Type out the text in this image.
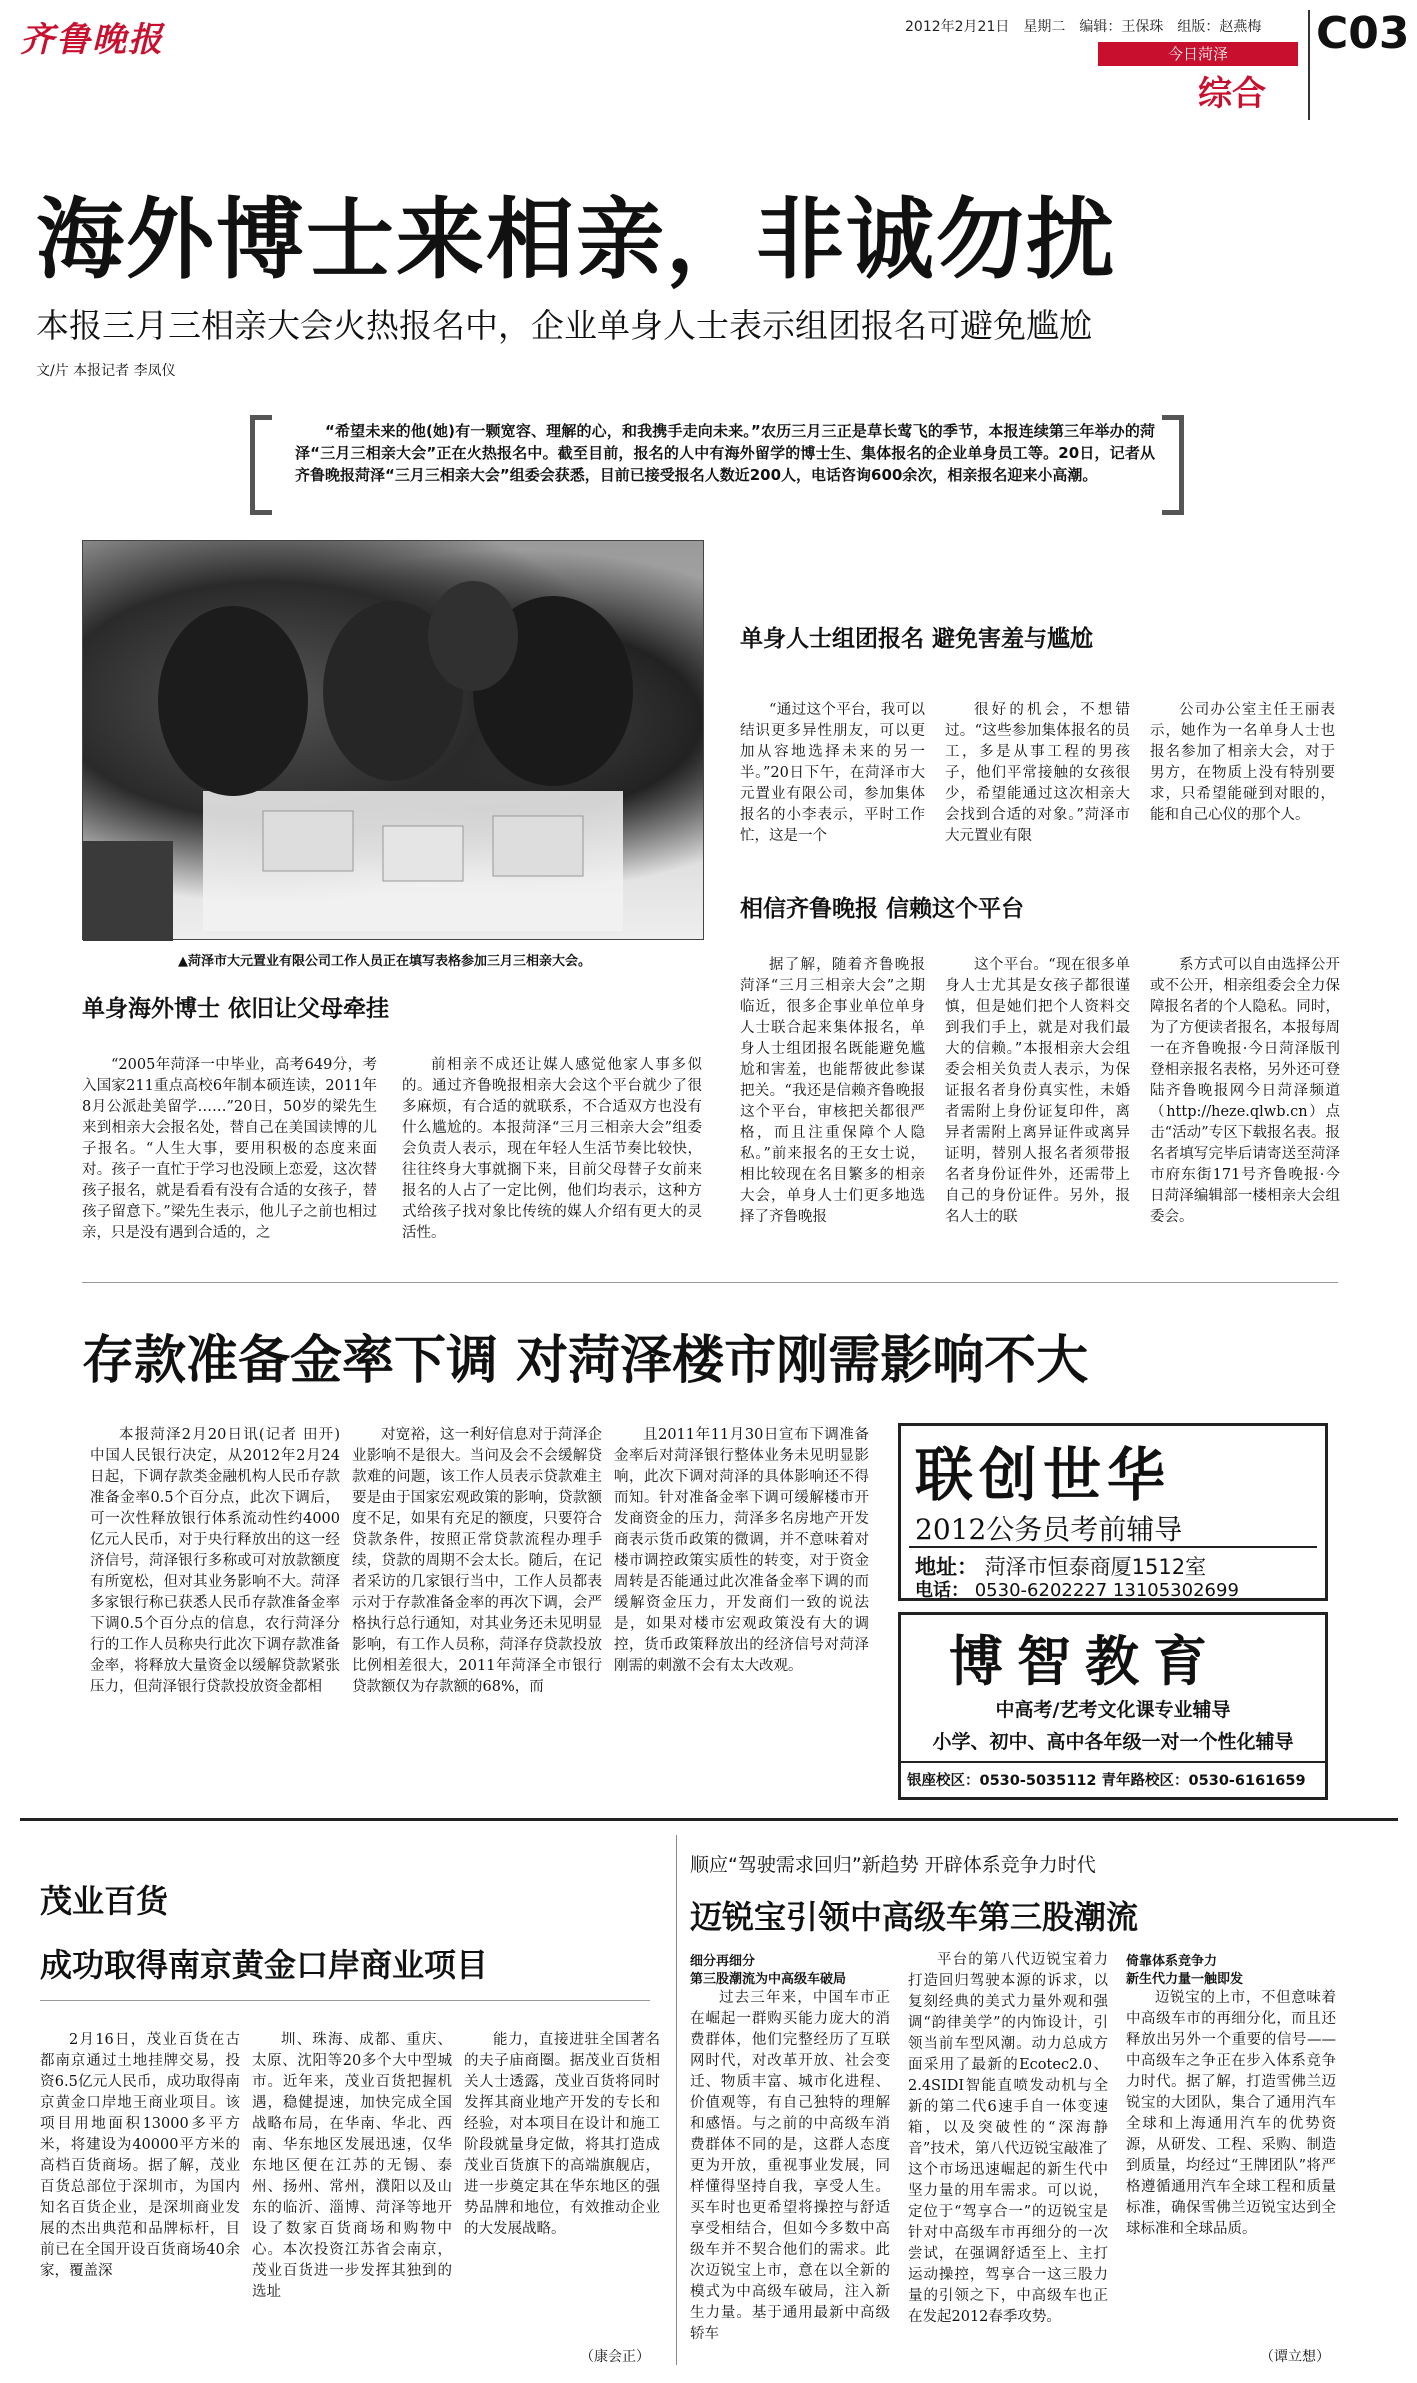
齐鲁晚报	2012年2月21日 星期二 编辑：王保珠 组版：赵燕梅
今日菏泽
综合
C03
海外博士来相亲，非诚勿扰
本报三月三相亲大会火热报名中，企业单身人士表示组团报名可避免尴尬
文/片 本报记者 李凤仪
“希望未来的他(她)有一颗宽容、理解的心，和我携手走向未来。”农历三月三正是草长莺飞的季节，本报连续第三年举办的菏泽“三月三相亲大会”正在火热报名中。截至目前，报名的人中有海外留学的博士生、集体报名的企业单身员工等。20日，记者从齐鲁晚报菏泽“三月三相亲大会”组委会获悉，目前已接受报名人数近200人，电话咨询600余次，相亲报名迎来小高潮。
▲菏泽市大元置业有限公司工作人员正在填写表格参加三月三相亲大会。
单身人士组团报名 避免害羞与尴尬
“通过这个平台，我可以结识更多异性朋友，可以更加从容地选择未来的另一半。”20日下午，在菏泽市大元置业有限公司，参加集体报名的小李表示，平时工作忙，这是一个
很好的机会，不想错过。“这些参加集体报名的员工，多是从事工程的男孩子，他们平常接触的女孩很少，希望能通过这次相亲大会找到合适的对象。”菏泽市大元置业有限
公司办公室主任王丽表示，她作为一名单身人士也报名参加了相亲大会，对于男方，在物质上没有特别要求，只希望能碰到对眼的，能和自己心仪的那个人。
相信齐鲁晚报 信赖这个平台
据了解，随着齐鲁晚报菏泽“三月三相亲大会”之期临近，很多企事业单位单身人士联合起来集体报名，单身人士组团报名既能避免尴尬和害羞，也能帮彼此参谋把关。“我还是信赖齐鲁晚报这个平台，审核把关都很严格，而且注重保障个人隐私。”前来报名的王女士说，相比较现在名目繁多的相亲大会，单身人士们更多地选择了齐鲁晚报
这个平台。“现在很多单身人士尤其是女孩子都很谨慎，但是她们把个人资料交到我们手上，就是对我们最大的信赖。”本报相亲大会组委会相关负责人表示，为保证报名者身份真实性，未婚者需附上身份证复印件，离异者需附上离异证件或离异证明，替别人报名者须带报名者身份证件外，还需带上自己的身份证件。另外，报名人士的联
系方式可以自由选择公开或不公开，相亲组委会全力保障报名者的个人隐私。同时，为了方便读者报名，本报每周一在齐鲁晚报·今日菏泽版刊登相亲报名表格，另外还可登陆齐鲁晚报网今日菏泽频道（http://heze.qlwb.cn）点击“活动”专区下载报名表。报名者填写完毕后请寄送至菏泽市府东街171号齐鲁晚报·今日菏泽编辑部一楼相亲大会组委会。
单身海外博士 依旧让父母牵挂
“2005年菏泽一中毕业，高考649分，考入国家211重点高校6年制本硕连读，2011年8月公派赴美留学……”20日，50岁的梁先生来到相亲大会报名处，替自己在美国读博的儿子报名。“人生大事，要用积极的态度来面对。孩子一直忙于学习也没顾上恋爱，这次替孩子报名，就是看看有没有合适的女孩子，替孩子留意下。”梁先生表示，他儿子之前也相过亲，只是没有遇到合适的，之
前相亲不成还让媒人感觉他家人事多似的。通过齐鲁晚报相亲大会这个平台就少了很多麻烦，有合适的就联系，不合适双方也没有什么尴尬的。本报菏泽“三月三相亲大会”组委会负责人表示，现在年轻人生活节奏比较快，往往终身大事就搁下来，目前父母替子女前来报名的人占了一定比例，他们均表示，这种方式给孩子找对象比传统的媒人介绍有更大的灵活性。
存款准备金率下调 对菏泽楼市刚需影响不大
本报菏泽2月20日讯(记者 田开) 中国人民银行决定，从2012年2月24日起，下调存款类金融机构人民币存款准备金率0.5个百分点，此次下调后，可一次性释放银行体系流动性约4000亿元人民币，对于央行释放出的这一经济信号，菏泽银行多称或可对放款额度有所宽松，但对其业务影响不大。菏泽多家银行称已获悉人民币存款准备金率下调0.5个百分点的信息，农行菏泽分行的工作人员称央行此次下调存款准备金率，将释放大量资金以缓解贷款紧张压力，但菏泽银行贷款投放资金都相
对宽裕，这一利好信息对于菏泽企业影响不是很大。当问及会不会缓解贷款难的问题，该工作人员表示贷款难主要是由于国家宏观政策的影响，贷款额度不足，如果有充足的额度，只要符合贷款条件，按照正常贷款流程办理手续，贷款的周期不会太长。随后，在记者采访的几家银行当中，工作人员都表示对于存款准备金率的再次下调，会严格执行总行通知，对其业务还未见明显影响，有工作人员称，菏泽存贷款投放比例相差很大，2011年菏泽全市银行贷款额仅为存款额的68%，而
且2011年11月30日宣布下调准备金率后对菏泽银行整体业务未见明显影响，此次下调对菏泽的具体影响还不得而知。针对准备金率下调可缓解楼市开发商资金的压力，菏泽多名房地产开发商表示货币政策的微调，并不意味着对楼市调控政策实质性的转变，对于资金周转是否能通过此次准备金率下调的而缓解资金压力，开发商们一致的说法是，如果对楼市宏观政策没有大的调控，货币政策释放出的经济信号对菏泽刚需的刺激不会有太大改观。
联创世华
2012公务员考前辅导
地址： 菏泽市恒泰商厦1512室
电话： 0530-6202227 13105302699
博智教育
中高考/艺考文化课专业辅导
小学、初中、高中各年级一对一个性化辅导
银座校区：0530-5035112 青年路校区：0530-6161659
茂业百货
成功取得南京黄金口岸商业项目
2月16日，茂业百货在古都南京通过土地挂牌交易，投资6.5亿元人民币，成功取得南京黄金口岸地王商业项目。该项目用地面积13000多平方米，将建设为40000平方米的高档百货商场。据了解，茂业百货总部位于深圳市，为国内知名百货企业，是深圳商业发展的杰出典范和品牌标杆，目前已在全国开设百货商场40余家，覆盖深
圳、珠海、成都、重庆、太原、沈阳等20多个大中型城市。近年来，茂业百货把握机遇，稳健提速，加快完成全国战略布局，在华南、华北、西南、华东地区发展迅速，仅华东地区便在江苏的无锡、泰州、扬州、常州，濮阳以及山东的临沂、淄博、菏泽等地开设了数家百货商场和购物中心。本次投资江苏省会南京，茂业百货进一步发挥其独到的选址
能力，直接进驻全国著名的夫子庙商圈。据茂业百货相关人士透露，茂业百货将同时发挥其商业地产开发的专长和经验，对本项目在设计和施工阶段就量身定做，将其打造成茂业百货旗下的高端旗舰店，进一步奠定其在华东地区的强势品牌和地位，有效推动企业的大发展战略。
（康会正）
顺应“驾驶需求回归”新趋势 开辟体系竞争力时代
迈锐宝引领中高级车第三股潮流
细分再细分
第三股潮流为中高级车破局
过去三年来，中国车市正在崛起一群购买能力庞大的消费群体，他们完整经历了互联网时代，对改革开放、社会变迁、物质丰富、城市化进程、价值观等，有自己独特的理解和感悟。与之前的中高级车消费群体不同的是，这群人态度更为开放，重视事业发展，同样懂得坚持自我，享受人生。买车时也更希望将操控与舒适享受相结合，但如今多数中高级车并不契合他们的需求。此次迈锐宝上市，意在以全新的模式为中高级车破局，注入新生力量。基于通用最新中高级轿车
平台的第八代迈锐宝着力打造回归驾驶本源的诉求，以复刻经典的美式力量外观和强调“韵律美学”的内饰设计，引领当前车型风潮。动力总成方面采用了最新的Ecotec2.0、2.4SIDI智能直喷发动机与全新的第二代6速手自一体变速箱，以及突破性的“深海静音”技术，第八代迈锐宝敲准了这个市场迅速崛起的新生代中坚力量的用车需求。可以说，定位于“驾享合一”的迈锐宝是针对中高级车市再细分的一次尝试，在强调舒适至上、主打运动操控，驾享合一这三股力量的引领之下，中高级车也正在发起2012春季攻势。
倚靠体系竞争力
新生代力量一触即发
迈锐宝的上市，不但意味着中高级车市的再细分化，而且还释放出另外一个重要的信号——中高级车之争正在步入体系竞争力时代。据了解，打造雪佛兰迈锐宝的大团队，集合了通用汽车全球和上海通用汽车的优势资源，从研发、工程、采购、制造到质量，均经过“王牌团队”将严格遵循通用汽车全球工程和质量标准，确保雪佛兰迈锐宝达到全球标准和全球品质。
（谭立想）
